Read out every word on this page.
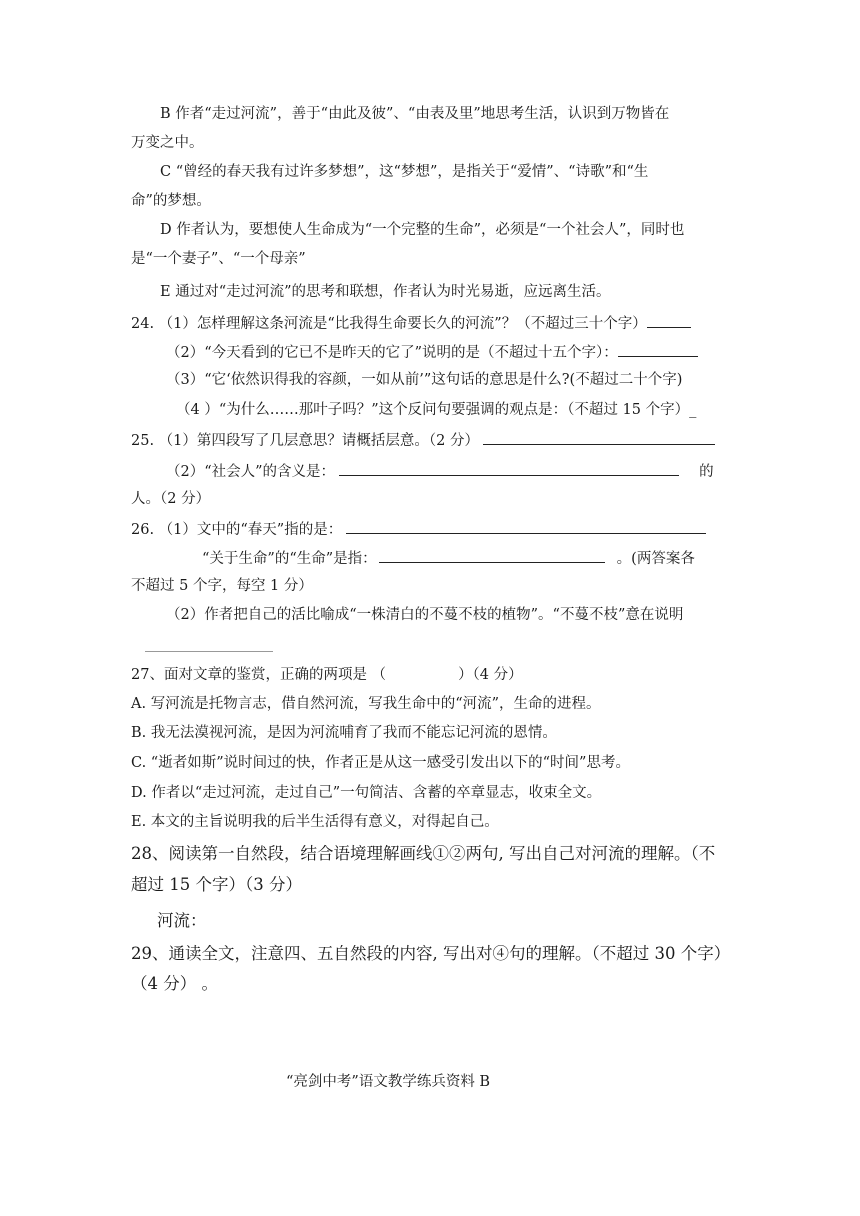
B 作者“走过河流”，善于“由此及彼”、“由表及里”地思考生活，认识到万物皆在
万变之中。
C “曾经的春天我有过许多梦想”，这“梦想”，是指关于“爱情”、“诗歌”和“生
命”的梦想。
D 作者认为，要想使人生命成为“一个完整的生命”，必须是“一个社会人”，同时也
是“一个妻子”、“一个母亲”
E 通过对“走过河流”的思考和联想，作者认为时光易逝，应远离生活。
24. （1）怎样理解这条河流是“比我得生命要长久的河流”？（不超过三十个字）
（2）“今天看到的它已不是昨天的它了”说明的是（不超过十五个字）：
（3）“它‘依然识得我的容颜，一如从前’”这句话的意思是什么?(不超过二十个字)
（4 ）“为什么……那叶子吗？”这个反问句要强调的观点是：（不超过 15 个字）_
25. （1）第四段写了几层意思？请概括层意。（2 分）
（2）“社会人”的含义是：	的
人。（2 分）
26. （1）文中的“春天”指的是：
“关于生命”的“生命”是指：	。(两答案各
不超过 5 个字，每空 1 分）
（2）作者把自己的活比喻成“一株清白的不蔓不枝的植物”。“不蔓不枝”意在说明
27、面对文章的鉴赏，正确的两项是 （	）（4 分）
A. 写河流是托物言志，借自然河流，写我生命中的“河流”，生命的进程。
B. 我无法漠视河流，是因为河流哺育了我而不能忘记河流的恩情。
C. “逝者如斯”说时间过的快，作者正是从这一感受引发出以下的“时间”思考。
D. 作者以“走过河流，走过自己”一句简洁、含蓄的卒章显志，收束全文。
E. 本文的主旨说明我的后半生活得有意义，对得起自己。
28、阅读第一自然段，结合语境理解画线①②两句, 写出自己对河流的理解。（不
超过 15 个字）（3 分）
河流：
29、通读全文，注意四、五自然段的内容, 写出对④句的理解。（不超过 30 个字）
（4 分） 。
“亮剑中考”语文教学练兵资料 B
